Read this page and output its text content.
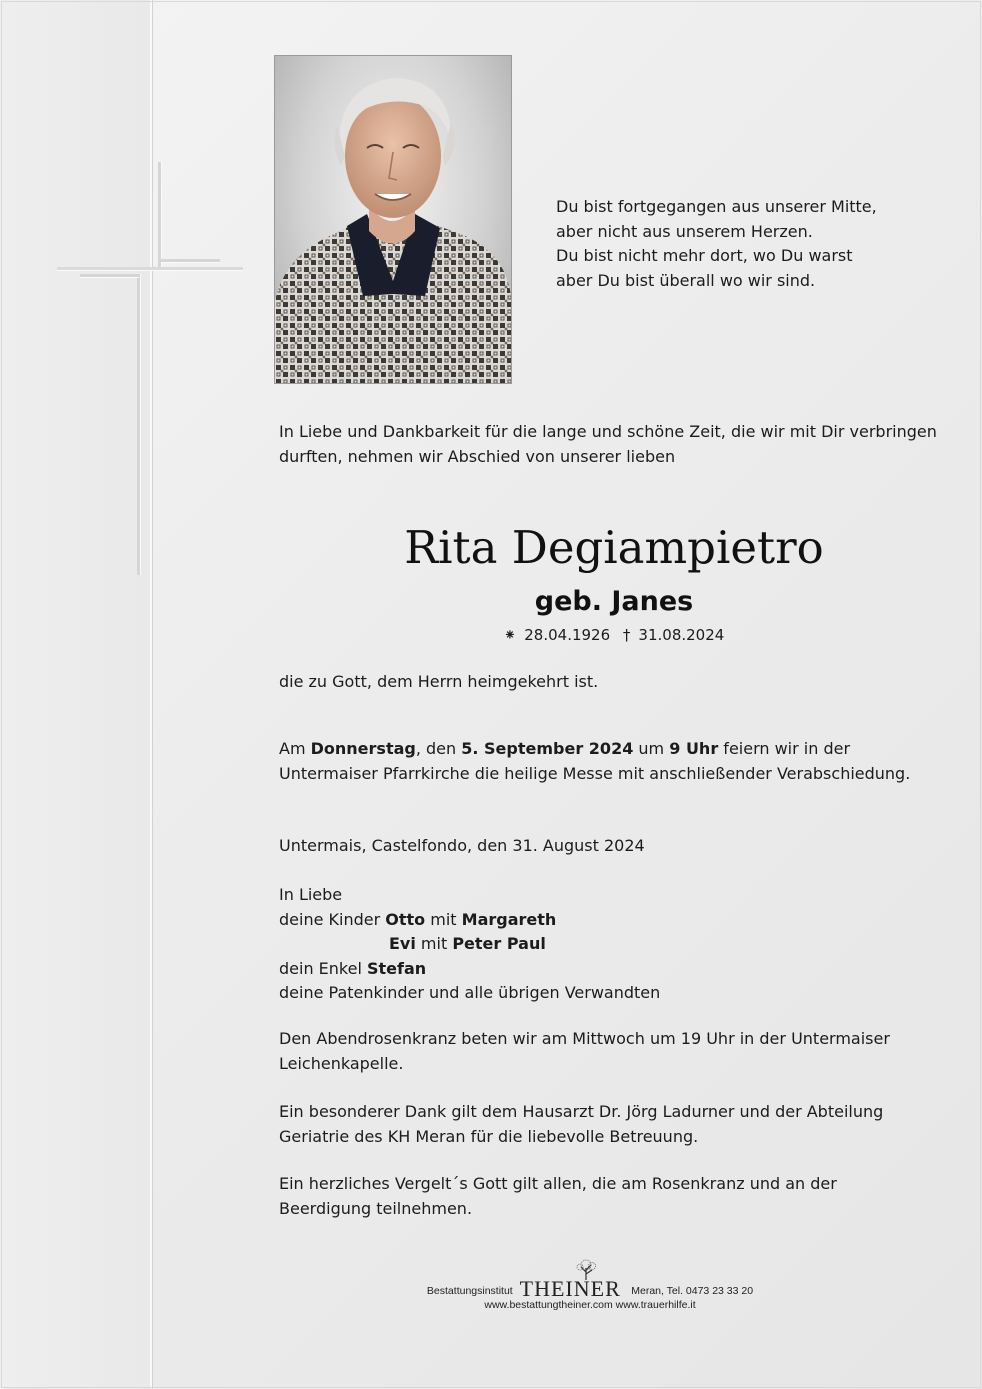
Du bist fortgegangen aus unserer Mitte,
aber nicht aus unserem Herzen.
Du bist nicht mehr dort, wo Du warst
aber Du bist überall wo wir sind.
In Liebe und Dankbarkeit für die lange und schöne Zeit, die wir mit Dir verbringen durften, nehmen wir Abschied von unserer lieben
Rita Degiampietro
geb. Janes
⁕ 28.04.1926 † 31.08.2024
die zu Gott, dem Herrn heimgekehrt ist.
Am Donnerstag, den 5. September 2024 um 9 Uhr feiern wir in der
Untermaiser Pfarrkirche die heilige Messe mit anschließender Verabschiedung.
Untermais, Castelfondo, den 31. August 2024
In Liebe
deine Kinder Otto mit Margareth
Evi mit Peter Paul
dein Enkel Stefan
deine Patenkinder und alle übrigen Verwandten
Den Abendrosenkranz beten wir am Mittwoch um 19 Uhr in der Untermaiser
Leichenkapelle.
Ein besonderer Dank gilt dem Hausarzt Dr. Jörg Ladurner und der Abteilung
Geriatrie des KH Meran für die liebevolle Betreuung.
Ein herzliches Vergelt´s Gott gilt allen, die am Rosenkranz und an der
Beerdigung teilnehmen.
Bestattungsinstitut THEINER Meran, Tel. 0473 23 33 20
www.bestattungtheiner.com www.trauerhilfe.it
